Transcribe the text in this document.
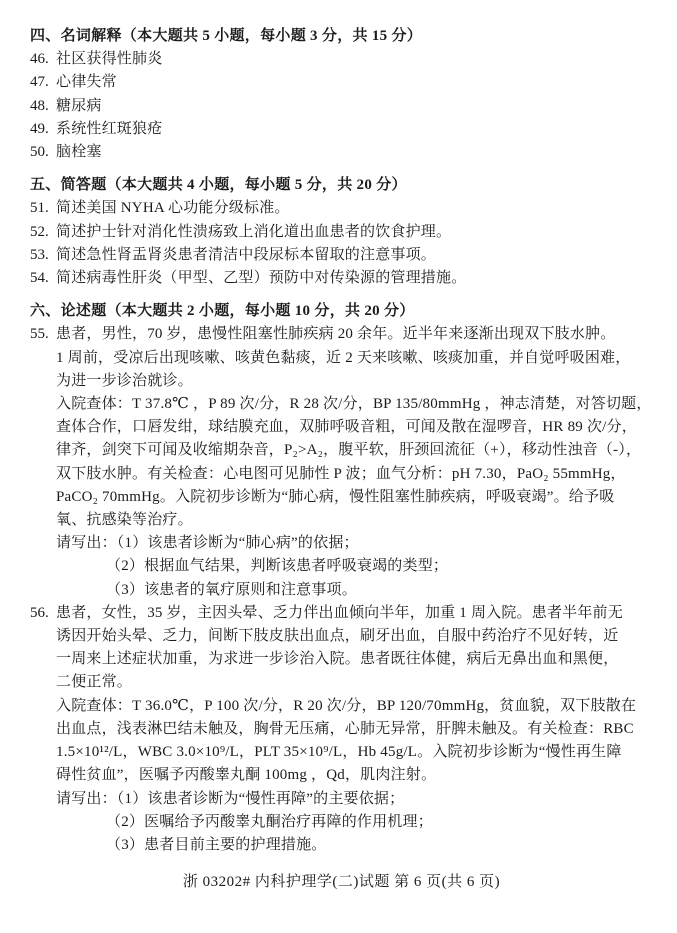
四、名词解释（本大题共 5 小题，每小题 3 分，共 15 分）
46. 社区获得性肺炎
47. 心律失常
48. 糖尿病
49. 系统性红斑狼疮
50. 脑栓塞
五、简答题（本大题共 4 小题，每小题 5 分，共 20 分）
51. 简述美国 NYHA 心功能分级标准。
52. 简述护士针对消化性溃疡致上消化道出血患者的饮食护理。
53. 简述急性肾盂肾炎患者清洁中段尿标本留取的注意事项。
54. 简述病毒性肝炎（甲型、乙型）预防中对传染源的管理措施。
六、论述题（本大题共 2 小题，每小题 10 分，共 20 分）
55. 患者，男性，70 岁，患慢性阻塞性肺疾病 20 余年。近半年来逐渐出现双下肢水肿。
1 周前，受凉后出现咳嗽、咳黄色黏痰，近 2 天来咳嗽、咳痰加重，并自觉呼吸困难，
为进一步诊治就诊。
入院查体：T 37.8℃ ，P 89 次/分，R 28 次/分，BP 135/80mmHg ，神志清楚，对答切题，
查体合作，口唇发绀，球结膜充血，双肺呼吸音粗，可闻及散在湿啰音，HR 89 次/分，
律齐，剑突下可闻及收缩期杂音，P₂>A₂，腹平软，肝颈回流征（+），移动性浊音（-），
双下肢水肿。有关检查：心电图可见肺性 P 波；血气分析：pH 7.30，PaO₂ 55mmHg，
PaCO₂ 70mmHg。入院初步诊断为“肺心病，慢性阻塞性肺疾病，呼吸衰竭”。给予吸
氧、抗感染等治疗。
请写出：（1）该患者诊断为“肺心病”的依据；
（2）根据血气结果，判断该患者呼吸衰竭的类型；
（3）该患者的氧疗原则和注意事项。
56. 患者，女性，35 岁，主因头晕、乏力伴出血倾向半年，加重 1 周入院。患者半年前无
诱因开始头晕、乏力，间断下肢皮肤出血点，刷牙出血，自服中药治疗不见好转，近
一周来上述症状加重，为求进一步诊治入院。患者既往体健，病后无鼻出血和黑便，
二便正常。
入院查体：T 36.0℃，P 100 次/分，R 20 次/分，BP 120/70mmHg，贫血貌，双下肢散在
出血点，浅表淋巴结未触及，胸骨无压痛，心肺无异常，肝脾未触及。有关检查：RBC
1.5×10¹²/L，WBC 3.0×10⁹/L，PLT 35×10⁹/L，Hb 45g/L。入院初步诊断为“慢性再生障
碍性贫血”，医嘱予丙酸睾丸酮 100mg ，Qd，肌肉注射。
请写出：（1）该患者诊断为“慢性再障”的主要依据；
（2）医嘱给予丙酸睾丸酮治疗再障的作用机理；
（3）患者目前主要的护理措施。
浙 03202# 内科护理学(二)试题 第 6 页(共 6 页)
